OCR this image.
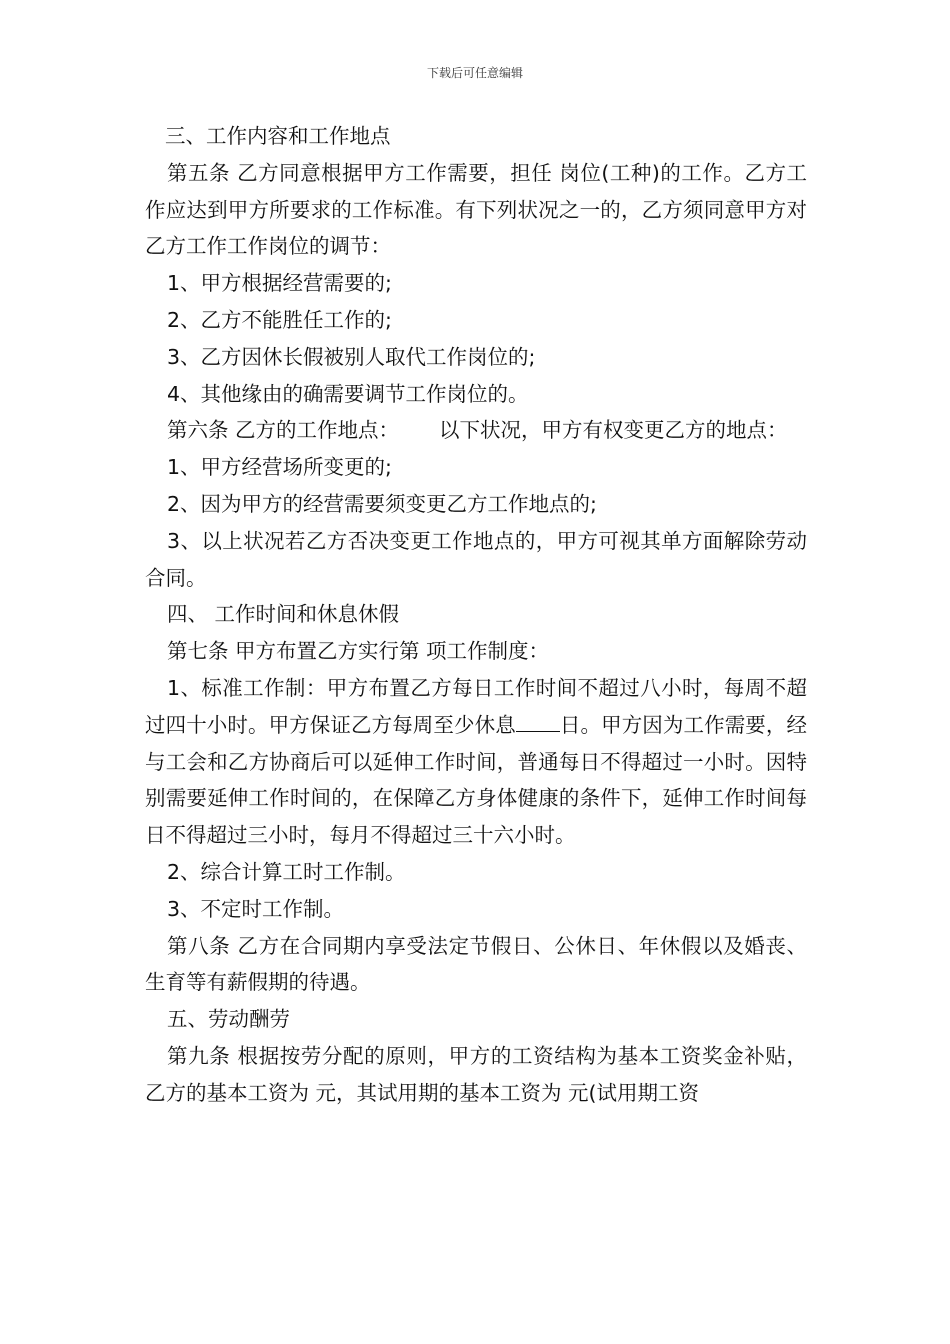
下载后可任意编辑

三、工作内容和工作地点

第五条 乙方同意根据甲方工作需要，担任 岗位(工种)的工作。乙方工作应达到甲方所要求的工作标准。有下列状况之一的，乙方须同意甲方对乙方工作工作岗位的调节：

1、甲方根据经营需要的;

2、乙方不能胜任工作的;

3、乙方因休长假被别人取代工作岗位的;

4、其他缘由的确需要调节工作岗位的。

第六条 乙方的工作地点： 以下状况，甲方有权变更乙方的地点：

1、甲方经营场所变更的;

2、因为甲方的经营需要须变更乙方工作地点的;

3、以上状况若乙方否决变更工作地点的，甲方可视其单方面解除劳动合同。

四、 工作时间和休息休假

第七条 甲方布置乙方实行第 项工作制度：

1、标准工作制：甲方布置乙方每日工作时间不超过八小时，每周不超过四十小时。甲方保证乙方每周至少休息 日。甲方因为工作需要，经与工会和乙方协商后可以延伸工作时间，普通每日不得超过一小时。因特别需要延伸工作时间的，在保障乙方身体健康的条件下，延伸工作时间每日不得超过三小时，每月不得超过三十六小时。

2、综合计算工时工作制。

3、不定时工作制。

第八条 乙方在合同期内享受法定节假日、公休日、年休假以及婚丧、生育等有薪假期的待遇。

五、劳动酬劳

第九条 根据按劳分配的原则，甲方的工资结构为基本工资奖金补贴，乙方的基本工资为 元，其试用期的基本工资为 元(试用期工资
